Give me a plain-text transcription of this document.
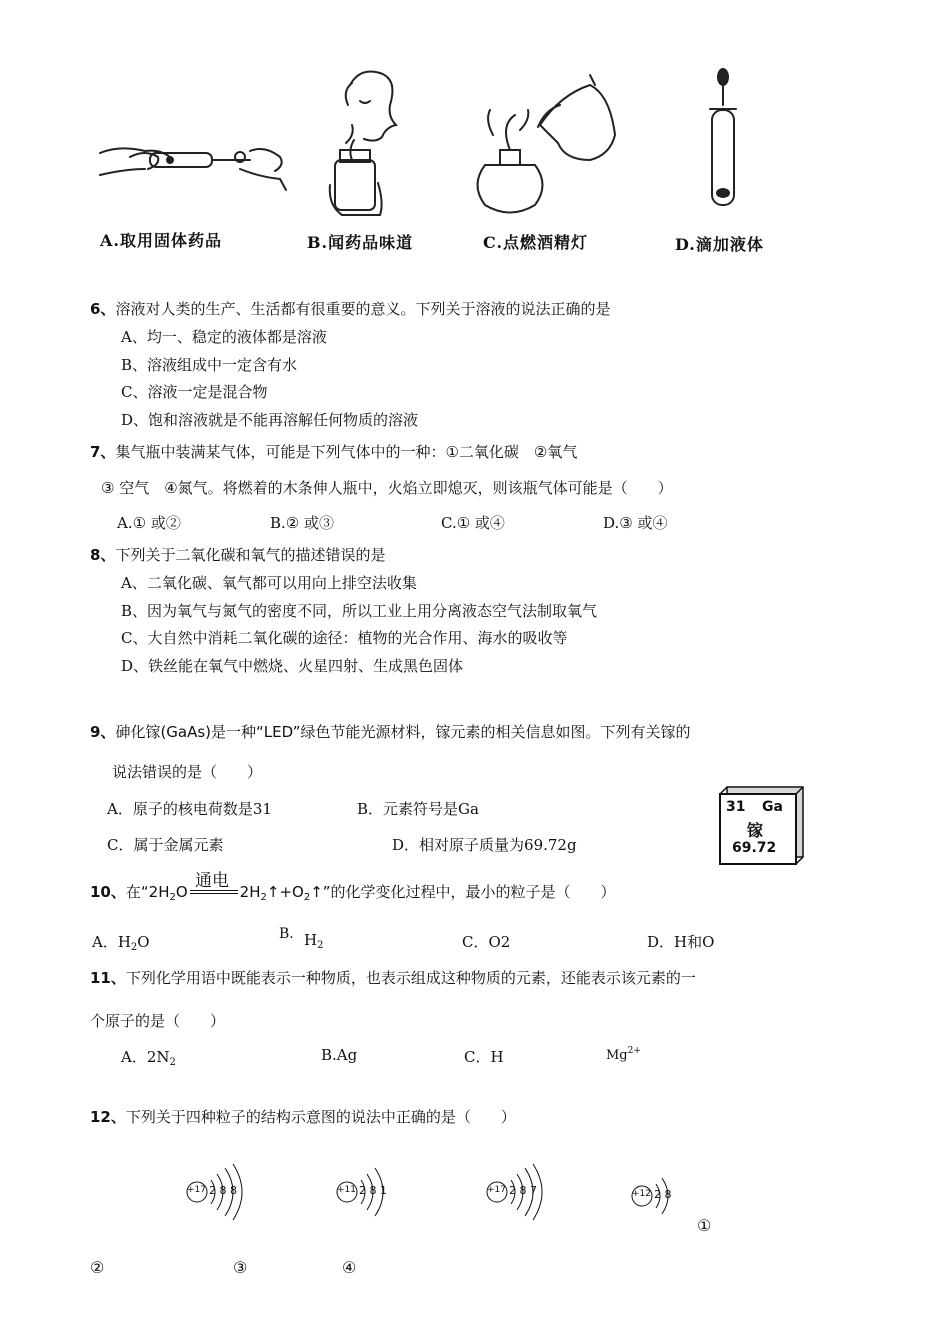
A.取用固体药品	B.闻药品味道	C.点燃酒精灯	D.滴加液体
6、溶液对人类的生产、生活都有很重要的意义。下列关于溶液的说法正确的是
A、均一、稳定的液体都是溶液
B、溶液组成中一定含有水
C、溶液一定是混合物
D、饱和溶液就是不能再溶解任何物质的溶液
7、集气瓶中装满某气体，可能是下列气体中的一种：①二氧化碳　②氧气
③ 空气　④氮气。将燃着的木条伸人瓶中，火焰立即熄灭，则该瓶气体可能是（　　）
A.① 或②	B.② 或③	C.① 或④	D.③ 或④
8、下列关于二氧化碳和氧气的描述错误的是
A、二氧化碳、氧气都可以用向上排空法收集
B、因为氧气与氮气的密度不同，所以工业上用分离液态空气法制取氧气
C、大自然中消耗二氧化碳的途径：植物的光合作用、海水的吸收等
D、铁丝能在氧气中燃烧、火星四射、生成黑色固体
9、砷化镓(GaAs)是一种“LED”绿色节能光源材料，镓元素的相关信息如图。下列有关镓的
说法错误的是（　　）
A．原子的核电荷数是31	B．元素符号是Ga
C．属于金属元素	D．相对原子质量为69.72g
31 Ga
镓
69.72
10、在“$2H_2O$	$2H_2↑+O_2↑$”的化学变化过程中，最小的粒子是（　　）
通电
A．$H_2O$	B. $H_2$	C．O2	D．H和O
11、下列化学用语中既能表示一种物质，也表示组成这种物质的元素，还能表示该元素的一
个原子的是（　　）
A．$2N_2$	B.Ag	C．H	$Mg^{2+}$
12、下列关于四种粒子的结构示意图的说法中正确的是（　　）
+17 2 8 8	+11 2 8 1	+17 2 8 7	+12 2 8
①
②	③	④
